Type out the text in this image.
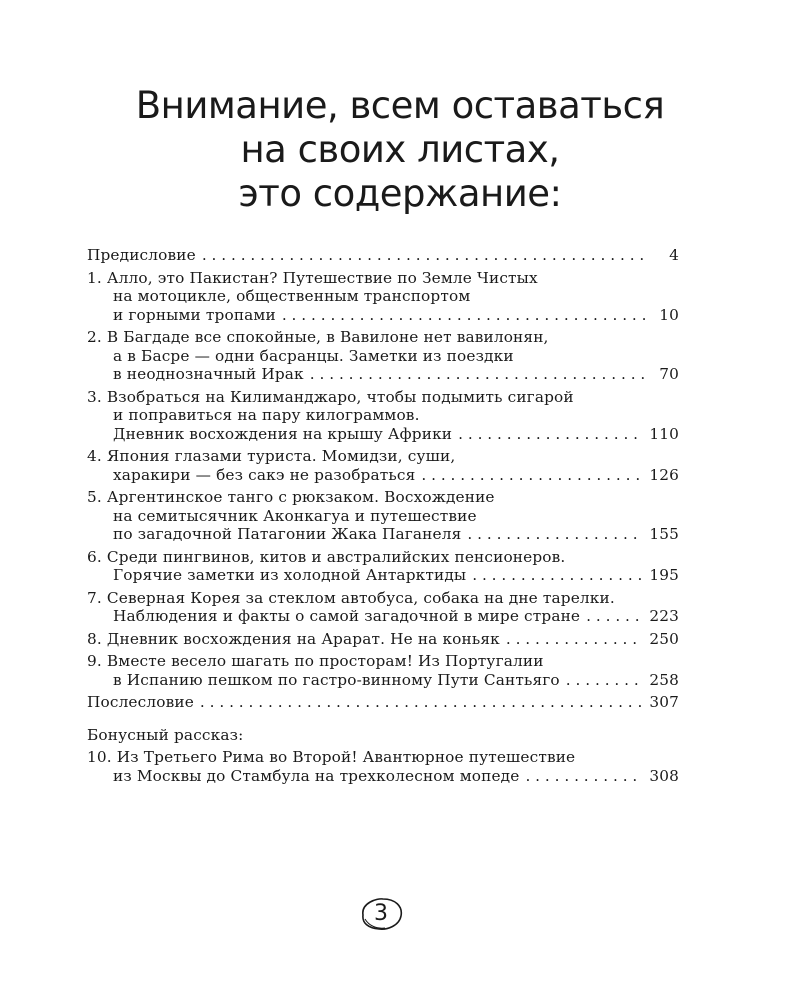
Внимание, всем оставаться
на своих листах,
это содержание:
Предисловие . . .	4
1. Алло, это Пакистан? Путешествие по Земле Чистых
на мотоцикле, общественным транспортом
и горными тропами . . .	10
2. В Багдаде все спокойные, в Вавилоне нет вавилонян,
а в Басре — одни басранцы. Заметки из поездки
в неоднозначный Ирак . . .	70
3. Взобраться на Килиманджаро, чтобы подымить сигарой
и поправиться на пару килограммов.
Дневник восхождения на крышу Африки . . .	110
4. Япония глазами туриста. Момидзи, суши,
харакири — без сакэ не разобраться . . .	126
5. Аргентинское танго с рюкзаком. Восхождение
на семитысячник Аконкагуа и путешествие
по загадочной Патагонии Жака Паганеля . . .	155
6. Среди пингвинов, китов и австралийских пенсионеров.
Горячие заметки из холодной Антарктиды . . .	195
7. Северная Корея за стеклом автобуса, собака на дне тарелки.
Наблюдения и факты о самой загадочной в мире стране . . .	223
8. Дневник восхождения на Арарат. Не на коньяк . . .	250
9. Вместе весело шагать по просторам! Из Португалии
в Испанию пешком по гастро-винному Пути Сантьяго . . .	258
Послесловие . . .	307
Бонусный рассказ:
10. Из Третьего Рима во Второй! Авантюрное путешествие
из Москвы до Стамбула на трехколесном мопеде . . .	308
3
